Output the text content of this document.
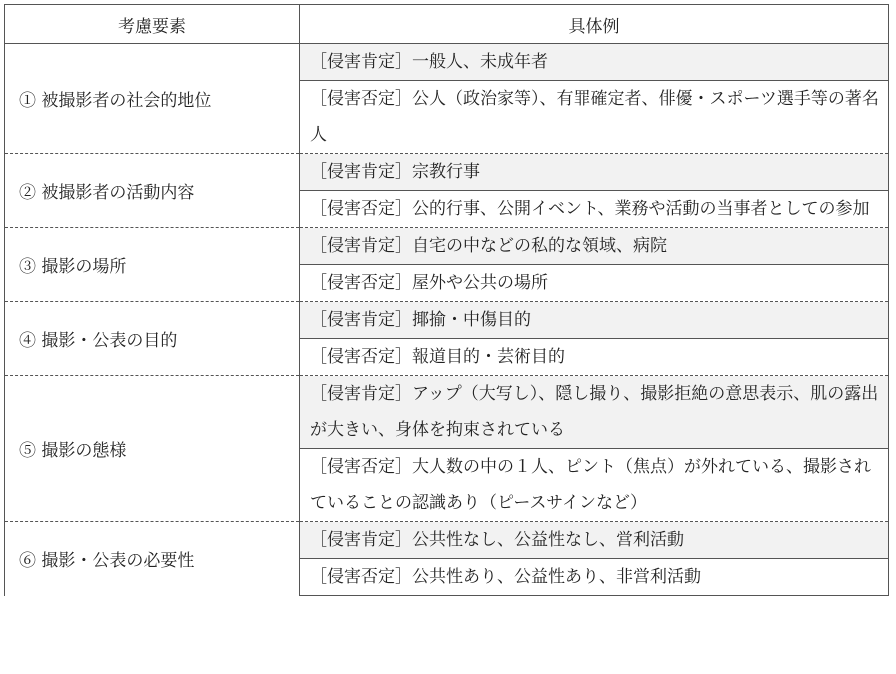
考慮要素	具体例
① 被撮影者の社会的地位	［侵害肯定］一般人、未成年者
	［侵害否定］公人（政治家等）、有罪確定者、俳優・スポーツ選手等の著名人
② 被撮影者の活動内容	［侵害肯定］宗教行事
	［侵害否定］公的行事、公開イベント、業務や活動の当事者としての参加
③ 撮影の場所	［侵害肯定］自宅の中などの私的な領域、病院
	［侵害否定］屋外や公共の場所
④ 撮影・公表の目的	［侵害肯定］揶揄・中傷目的
	［侵害否定］報道目的・芸術目的
⑤ 撮影の態様	［侵害肯定］アップ（大写し）、隠し撮り、撮影拒絶の意思表示、肌の露出が大きい、身体を拘束されている
	［侵害否定］大人数の中の１人、ピント（焦点）が外れている、撮影されていることの認識あり（ピースサインなど）
⑥ 撮影・公表の必要性	［侵害肯定］公共性なし、公益性なし、営利活動
	［侵害否定］公共性あり、公益性あり、非営利活動
